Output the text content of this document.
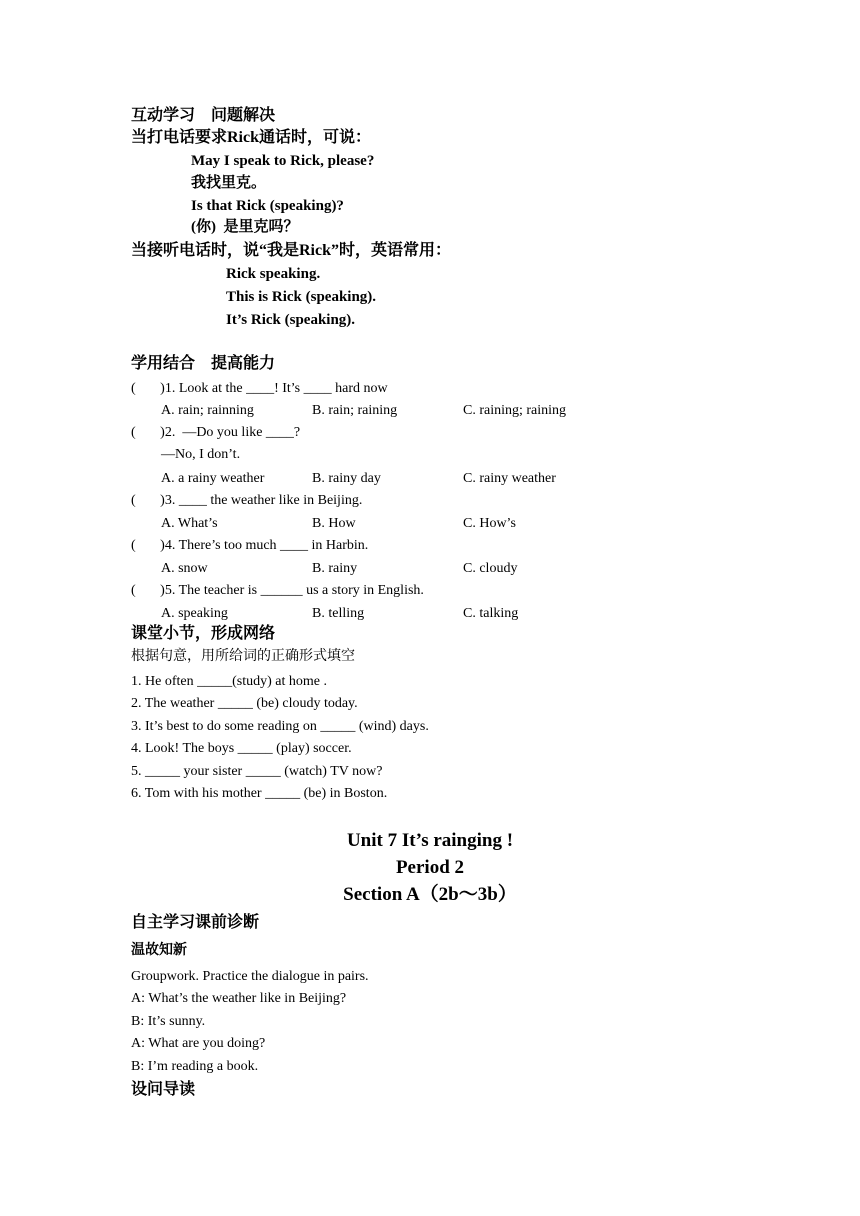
互动学习　问题解决
当打电话要求Rick通话时，可说：
May I speak to Rick, please?
我找里克。
Is that Rick (speaking)?
(你)  是里克吗？
当接听电话时，说“我是Rick”时，英语常用：
Rick speaking.
This is Rick (speaking).
It’s Rick (speaking).
学用结合　提高能力
(       )1. Look at the ____! It’s ____ hard now
A. rain; rainning	B. rain; raining	C. raining; raining
(       )2.  —Do you like ____?
—No, I don’t.
A. a rainy weather	B. rainy day	C. rainy weather
(       )3. ____ the weather like in Beijing.
A. What’s	B. How	C. How’s
(       )4. There’s too much ____ in Harbin.
A. snow	B. rainy	C. cloudy
(       )5. The teacher is ______ us a story in English.
A. speaking	B. telling	C. talking
课堂小节，形成网络
根据句意，用所给词的正确形式填空
1. He often _____(study) at home .
2. The weather _____ (be) cloudy today.
3. It’s best to do some reading on _____ (wind) days.
4. Look! The boys _____ (play) soccer.
5. _____ your sister _____ (watch) TV now?
6. Tom with his mother _____ (be) in Boston.
Unit 7 It’s rainging !
Period 2
Section A（2b～3b）
自主学习课前诊断
温故知新
Groupwork. Practice the dialogue in pairs.
A: What’s the weather like in Beijing?
B: It’s sunny.
A: What are you doing?
B: I’m reading a book.
设问导读
